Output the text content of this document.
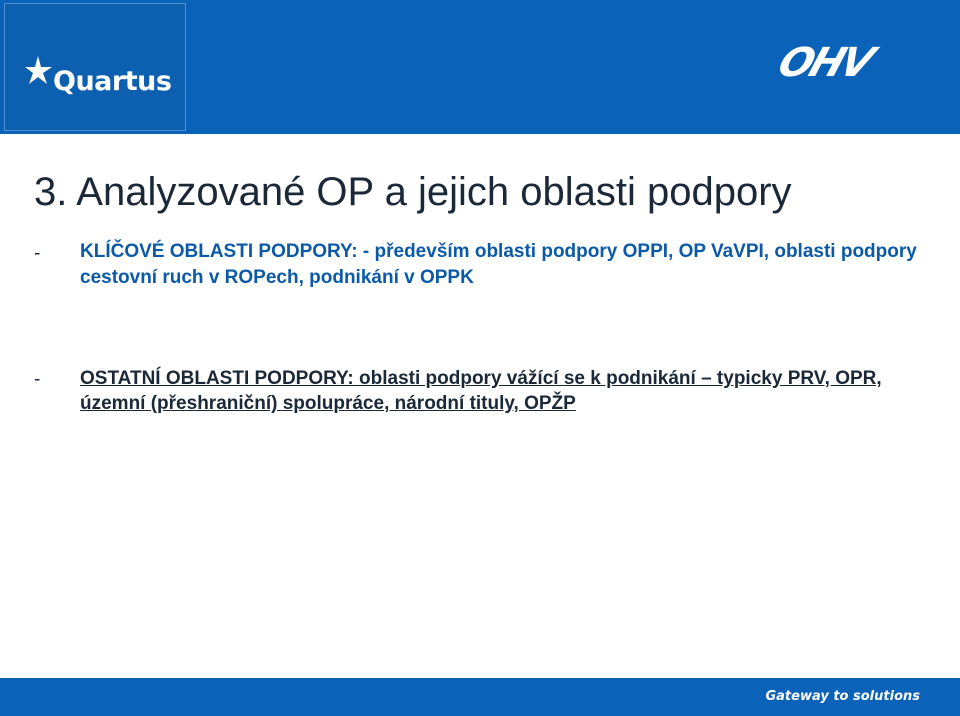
Quartus	OHV
3. Analyzované OP a jejich oblasti podpory
- KLÍČOVÉ OBLASTI PODPORY: - především oblasti podpory OPPI, OP VaVPI, oblasti podpory cestovní ruch v ROPech, podnikání v OPPK

- OSTATNÍ OBLASTI PODPORY: oblasti podpory vážící se k podnikání – typicky PRV, OPR, územní (přeshraniční) spolupráce, národní tituly, OPŽP

Gateway to solutions
